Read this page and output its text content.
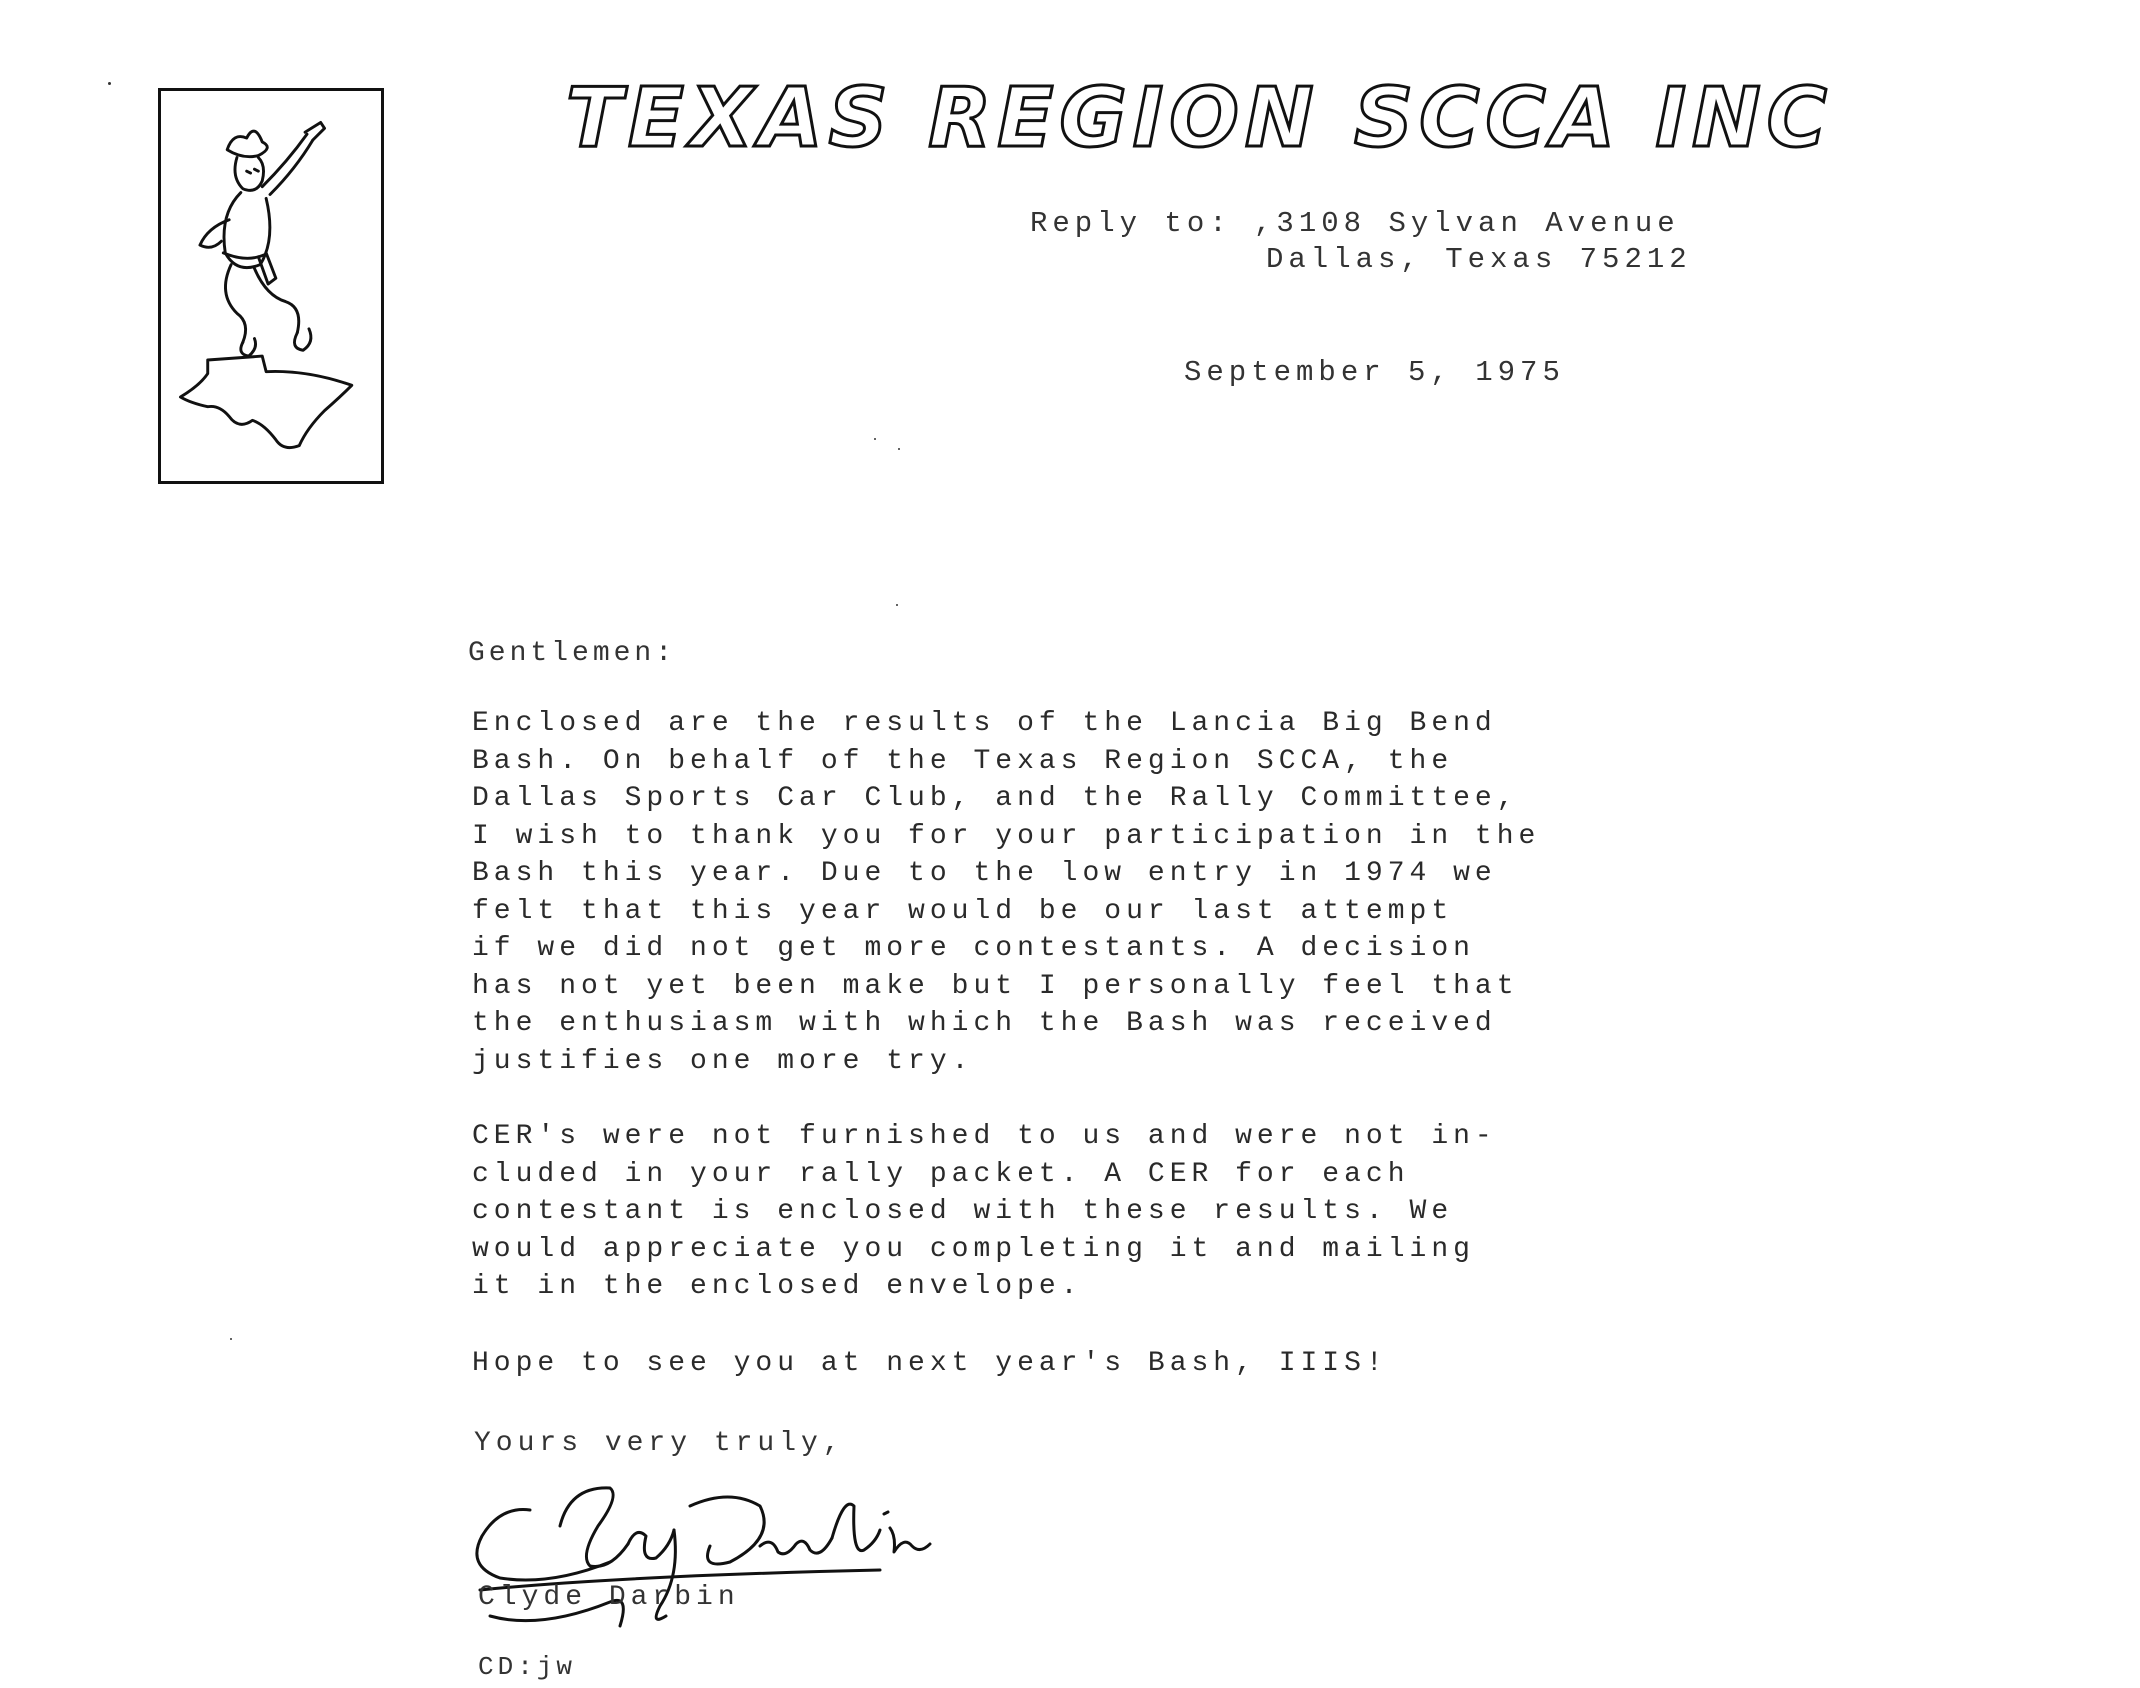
TEXAS REGION SCCA INC
Reply to: ,3108 Sylvan Avenue
Dallas, Texas 75212
September 5, 1975
Gentlemen:
Enclosed are the results of the Lancia Big Bend
Bash. On behalf of the Texas Region SCCA, the
Dallas Sports Car Club, and the Rally Committee,
I wish to thank you for your participation in the
Bash this year. Due to the low entry in 1974 we
felt that this year would be our last attempt
if we did not get more contestants. A decision
has not yet been make but I personally feel that
the enthusiasm with which the Bash was received
justifies one more try.
CER's were not furnished to us and were not in-
cluded in your rally packet. A CER for each
contestant is enclosed with these results. We
would appreciate you completing it and mailing
it in the enclosed envelope.
Hope to see you at next year's Bash, IIIS!
Yours very truly,
Clyde Darbin
CD:jw
